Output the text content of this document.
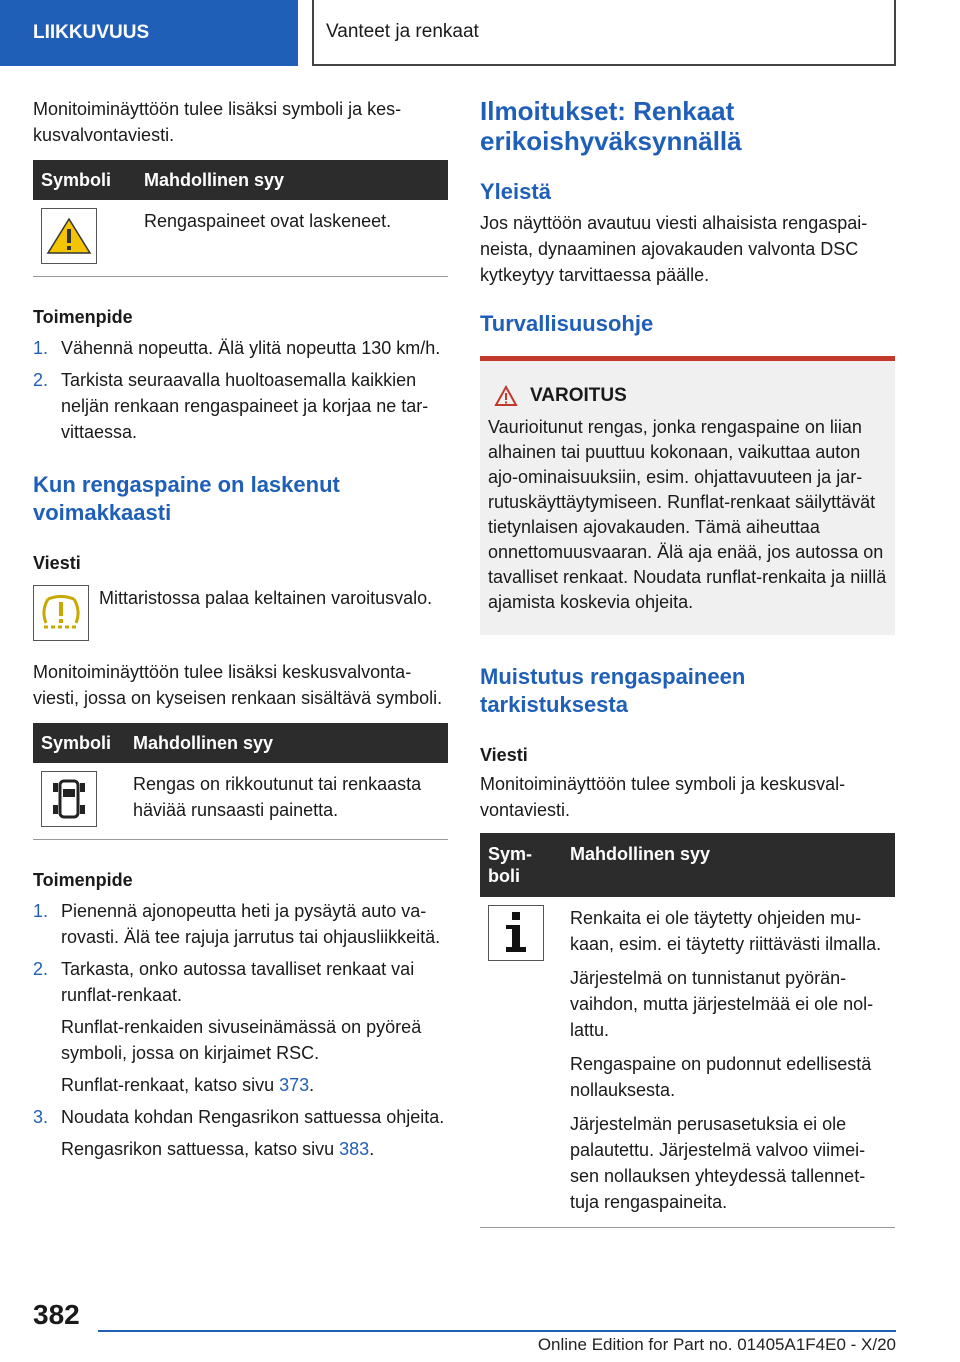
LIIKKUVUUS	Vanteet ja renkaat

Monitoiminäyttöön tulee lisäksi symboli ja keskusvalvontaviesti.

Symboli	Mahdollinen syy

	Rengaspaineet ovat laskeneet.
Toimenpide
1. Vähennä nopeutta. Älä ylitä nopeutta 130 km/h.
2. Tarkista seuraavalla huoltoasemalla kaikkien neljän renkaan rengaspaineet ja korjaa ne tarvittaessa.
Kun rengaspaine on laskenut voimakkaasti
Viesti

Mittaristossa palaa keltainen varoitusvalo.

Monitoiminäyttöön tulee lisäksi keskusvalvontaviesti, jossa on kyseisen renkaan sisältävä symboli.

Symboli	Mahdollinen syy

	Rengas on rikkoutunut tai renkaasta häviää runsaasti painetta.
Toimenpide
1. Pienennä ajonopeutta heti ja pysäytä auto varovasti. Älä tee rajuja jarrutus tai ohjausliikkeitä.
2. Tarkasta, onko autossa tavalliset renkaat vai runflat-renkaat.
Runflat-renkaiden sivuseinämässä on pyöreä symboli, jossa on kirjaimet RSC.
Runflat-renkaat, katso sivu 373.
3. Noudata kohdan Rengasrikon sattuessa ohjeita.
Rengasrikon sattuessa, katso sivu 383.
Ilmoitukset: Renkaat erikoishyväksynnällä
Yleistä

Jos näyttöön avautuu viesti alhaisista rengaspaineista, dynaaminen ajovakauden valvonta DSC kytkeytyy tarvittaessa päälle.

Turvallisuusohje
VAROITUS

Vaurioitunut rengas, jonka rengaspaine on liian alhainen tai puuttuu kokonaan, vaikuttaa auton ajo-ominaisuuksiin, esim. ohjattavuuteen ja jarrutuskäyttäytymiseen. Runflat-renkaat säilyttävät tietynlaisen ajovakauden. Tämä aiheuttaa onnettomuusvaaran. Älä aja enää, jos autossa on tavalliset renkaat. Noudata runflat-renkaita ja niillä ajamista koskevia ohjeita.

Muistutus rengaspaineen tarkistuksesta
Viesti

Monitoiminäyttöön tulee symboli ja keskusvalvontaviesti.

Symboli	Mahdollinen syy

Renkaita ei ole täytetty ohjeiden mukaan, esim. ei täytetty riittävästi ilmalla.

Järjestelmä on tunnistanut pyöränvaihdon, mutta järjestelmää ei ole nollattu.

Rengaspaine on pudonnut edellisestä nollauksesta.

Järjestelmän perusasetuksia ei ole palautettu. Järjestelmä valvoo viimeisen nollauksen yhteydessä tallennettuja rengaspaineita.

382
Online Edition for Part no. 01405A1F4E0 - X/20
